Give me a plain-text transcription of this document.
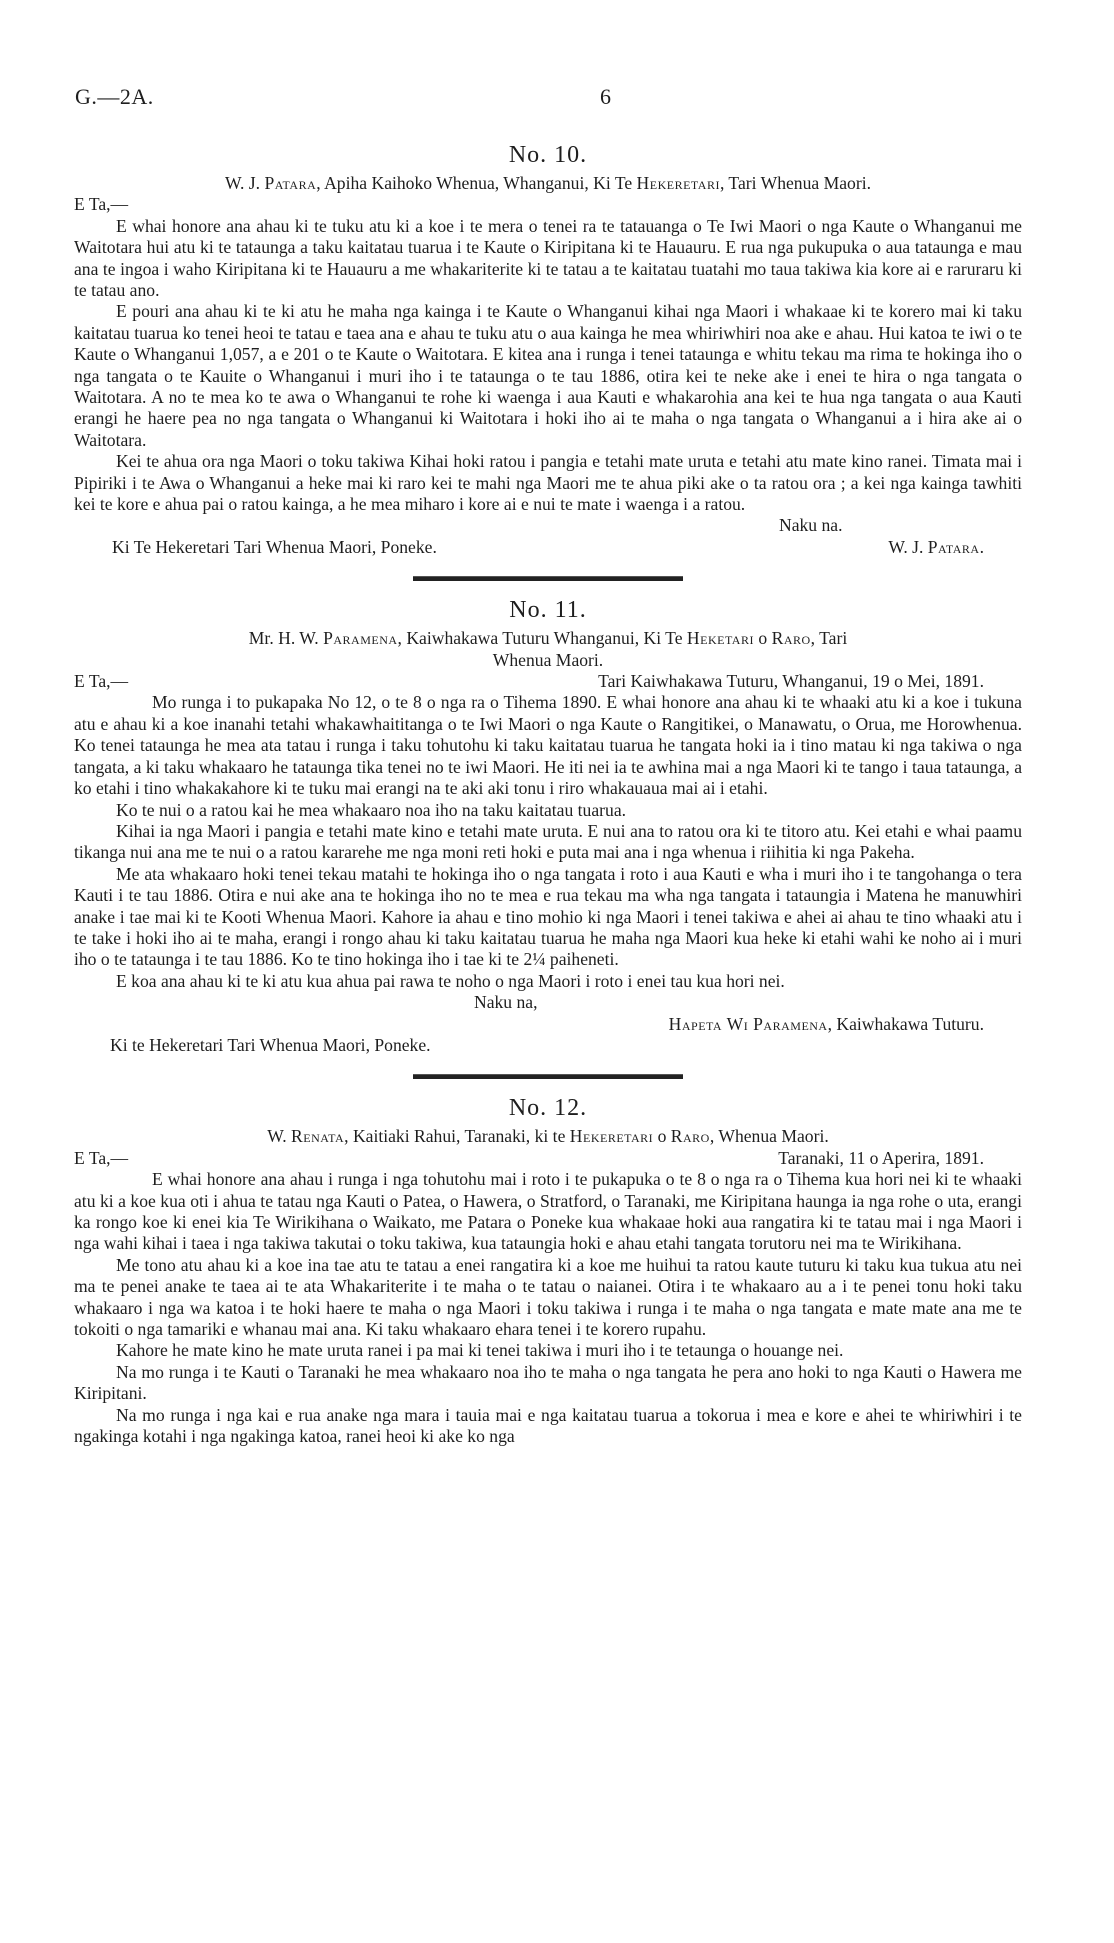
G.—2A.	6
No. 10.
W. J. Patara, Apiha Kaihoko Whenua, Whanganui, Ki Te Hekeretari, Tari Whenua Maori.
E Ta,—

E whai honore ana ahau ki te tuku atu ki a koe i te mera o tenei ra te tatauanga o Te Iwi Maori o nga Kaute o Whanganui me Waitotara hui atu ki te tataunga a taku kaitatau tuarua i te Kaute o Kiripitana ki te Hauauru. E rua nga pukupuka o aua tataunga e mau ana te ingoa i waho Kiripitana ki te Hauauru a me whakariterite ki te tatau a te kaitatau tuatahi mo taua takiwa kia kore ai e raruraru ki te tatau ano.

E pouri ana ahau ki te ki atu he maha nga kainga i te Kaute o Whanganui kihai nga Maori i whakaae ki te korero mai ki taku kaitatau tuarua ko tenei heoi te tatau e taea ana e ahau te tuku atu o aua kainga he mea whiriwhiri noa ake e ahau. Hui katoa te iwi o te Kaute o Whanganui 1,057, a e 201 o te Kaute o Waitotara. E kitea ana i runga i tenei tataunga e whitu tekau ma rima te hokinga iho o nga tangata o te Kauite o Whanganui i muri iho i te tataunga o te tau 1886, otira kei te neke ake i enei te hira o nga tangata o Waitotara. A no te mea ko te awa o Whanganui te rohe ki waenga i aua Kauti e whakarohia ana kei te hua nga tangata o aua Kauti erangi he haere pea no nga tangata o Whanganui ki Waitotara i hoki iho ai te maha o nga tangata o Whanganui a i hira ake ai o Waitotara.

Kei te ahua ora nga Maori o toku takiwa Kihai hoki ratou i pangia e tetahi mate uruta e tetahi atu mate kino ranei. Timata mai i Pipiriki i te Awa o Whanganui a heke mai ki raro kei te mahi nga Maori me te ahua piki ake o ta ratou ora ; a kei nga kainga tawhiti kei te kore e ahua pai o ratou kainga, a he mea miharo i kore ai e nui te mate i waenga i a ratou.

Naku na.
Ki Te Hekeretari Tari Whenua Maori, Poneke.	W. J. Patara.
No. 11.
Mr. H. W. Paramena, Kaiwhakawa Tuturu Whanganui, Ki Te Heketari o Raro, Tari
Whenua Maori.
E Ta,—	Tari Kaiwhakawa Tuturu, Whanganui, 19 o Mei, 1891.

Mo runga i to pukapaka No 12, o te 8 o nga ra o Tihema 1890. E whai honore ana ahau ki te whaaki atu ki a koe i tukuna atu e ahau ki a koe inanahi tetahi whakawhaititanga o te Iwi Maori o nga Kaute o Rangitikei, o Manawatu, o Orua, me Horowhenua. Ko tenei tataunga he mea ata tatau i runga i taku tohutohu ki taku kaitatau tuarua he tangata hoki ia i tino matau ki nga takiwa o nga tangata, a ki taku whakaaro he tataunga tika tenei no te iwi Maori. He iti nei ia te awhina mai a nga Maori ki te tango i taua tataunga, a ko etahi i tino whakakahore ki te tuku mai erangi na te aki aki tonu i riro whakauaua mai ai i etahi.

Ko te nui o a ratou kai he mea whakaaro noa iho na taku kaitatau tuarua.

Kihai ia nga Maori i pangia e tetahi mate kino e tetahi mate uruta. E nui ana to ratou ora ki te titoro atu. Kei etahi e whai paamu tikanga nui ana me te nui o a ratou kararehe me nga moni reti hoki e puta mai ana i nga whenua i riihitia ki nga Pakeha.

Me ata whakaaro hoki tenei tekau matahi te hokinga iho o nga tangata i roto i aua Kauti e wha i muri iho i te tangohanga o tera Kauti i te tau 1886. Otira e nui ake ana te hokinga iho no te mea e rua tekau ma wha nga tangata i tataungia i Matena he manuwhiri anake i tae mai ki te Kooti Whenua Maori. Kahore ia ahau e tino mohio ki nga Maori i tenei takiwa e ahei ai ahau te tino whaaki atu i te take i hoki iho ai te maha, erangi i rongo ahau ki taku kaitatau tuarua he maha nga Maori kua heke ki etahi wahi ke noho ai i muri iho o te tataunga i te tau 1886. Ko te tino hokinga iho i tae ki te 2¼ paiheneti.

E koa ana ahau ki te ki atu kua ahua pai rawa te noho o nga Maori i roto i enei tau kua hori nei.

Naku na,
Hapeta Wi Paramena, Kaiwhakawa Tuturu.
Ki te Hekeretari Tari Whenua Maori, Poneke.
No. 12.
W. Renata, Kaitiaki Rahui, Taranaki, ki te Hekeretari o Raro, Whenua Maori.
E Ta,—	Taranaki, 11 o Aperira, 1891.

E whai honore ana ahau i runga i nga tohutohu mai i roto i te pukapuka o te 8 o nga ra o Tihema kua hori nei ki te whaaki atu ki a koe kua oti i ahua te tatau nga Kauti o Patea, o Hawera, o Stratford, o Taranaki, me Kiripitana haunga ia nga rohe o uta, erangi ka rongo koe ki enei kia Te Wirikihana o Waikato, me Patara o Poneke kua whakaae hoki aua rangatira ki te tatau mai i nga Maori i nga wahi kihai i taea i nga takiwa takutai o toku takiwa, kua tataungia hoki e ahau etahi tangata torutoru nei ma te Wirikihana.

Me tono atu ahau ki a koe ina tae atu te tatau a enei rangatira ki a koe me huihui ta ratou kaute tuturu ki taku kua tukua atu nei ma te penei anake te taea ai te ata Whakariterite i te maha o te tatau o naianei. Otira i te whakaaro au a i te penei tonu hoki taku whakaaro i nga wa katoa i te hoki haere te maha o nga Maori i toku takiwa i runga i te maha o nga tangata e mate mate ana me te tokoiti o nga tamariki e whanau mai ana. Ki taku whakaaro ehara tenei i te korero rupahu.

Kahore he mate kino he mate uruta ranei i pa mai ki tenei takiwa i muri iho i te tetaunga o houange nei.

Na mo runga i te Kauti o Taranaki he mea whakaaro noa iho te maha o nga tangata he pera ano hoki to nga Kauti o Hawera me Kiripitani.

Na mo runga i nga kai e rua anake nga mara i tauia mai e nga kaitatau tuarua a tokorua i mea e kore e ahei te whiriwhiri i te ngakinga kotahi i nga ngakinga katoa, ranei heoi ki ake ko nga
